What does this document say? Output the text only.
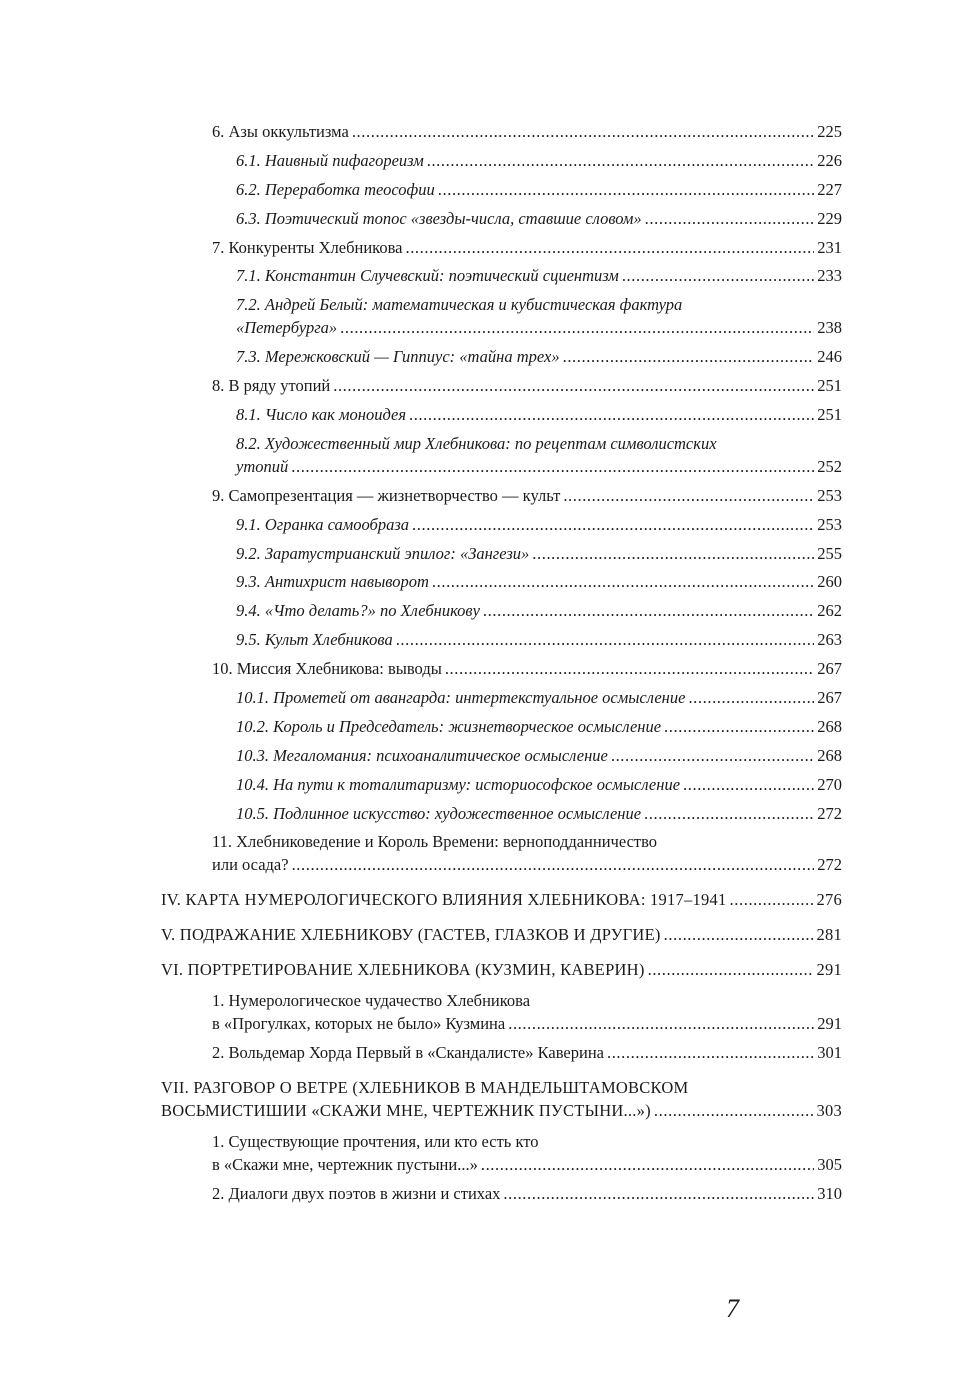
6. Азы оккультизма .....	225
6.1. Наивный пифагореизм .....	226
6.2. Переработка теософии .....	227
6.3. Поэтический топос «звезды-числа, ставшие словом» .....	229
7. Конкуренты Хлебникова .....	231
7.1. Константин Случевский: поэтический сциентизм .....	233
7.2. Андрей Белый: математическая и кубистическая фактура
«Петербурга» .....	238
7.3. Мережковский — Гиппиус: «тайна трех» .....	246
8. В ряду утопий .....	251
8.1. Число как моноидея .....	251
8.2. Художественный мир Хлебникова: по рецептам символистских
утопий .....	252
9. Самопрезентация — жизнетворчество — культ .....	253
9.1. Огранка самообраза .....	253
9.2. Заратустрианский эпилог: «Зангези» .....	255
9.3. Антихрист навыворот .....	260
9.4. «Что делать?» по Хлебникову .....	262
9.5. Культ Хлебникова .....	263
10. Миссия Хлебникова: выводы .....	267
10.1. Прометей от авангарда: интертекстуальное осмысление .....	267
10.2. Король и Председатель: жизнетворческое осмысление .....	268
10.3. Мегаломания: психоаналитическое осмысление .....	268
10.4. На пути к тоталитаризму: историософское осмысление .....	270
10.5. Подлинное искусство: художественное осмысление .....	272
11. Хлебниковедение и Король Времени: верноподданничество
или осада? .....	272
IV. КАРТА НУМЕРОЛОГИЧЕСКОГО ВЛИЯНИЯ ХЛЕБНИКОВА: 1917–1941 .....	276
V. ПОДРАЖАНИЕ ХЛЕБНИКОВУ (ГАСТЕВ, ГЛАЗКОВ И ДРУГИЕ) .....	281
VI. ПОРТРЕТИРОВАНИЕ ХЛЕБНИКОВА (КУЗМИН, КАВЕРИН) .....	291
1. Нумерологическое чудачество Хлебникова
в «Прогулках, которых не было» Кузмина .....	291
2. Вольдемар Хорда Первый в «Скандалисте» Каверина .....	301
VII. РАЗГОВОР О ВЕТРЕ (ХЛЕБНИКОВ В МАНДЕЛЬШТАМОВСКОМ
ВОСЬМИСТИШИИ «СКАЖИ МНЕ, ЧЕРТЕЖНИК ПУСТЫНИ...») .....	303
1. Существующие прочтения, или кто есть кто
в «Скажи мне, чертежник пустыни...» .....	305
2. Диалоги двух поэтов в жизни и стихах .....	310
7
